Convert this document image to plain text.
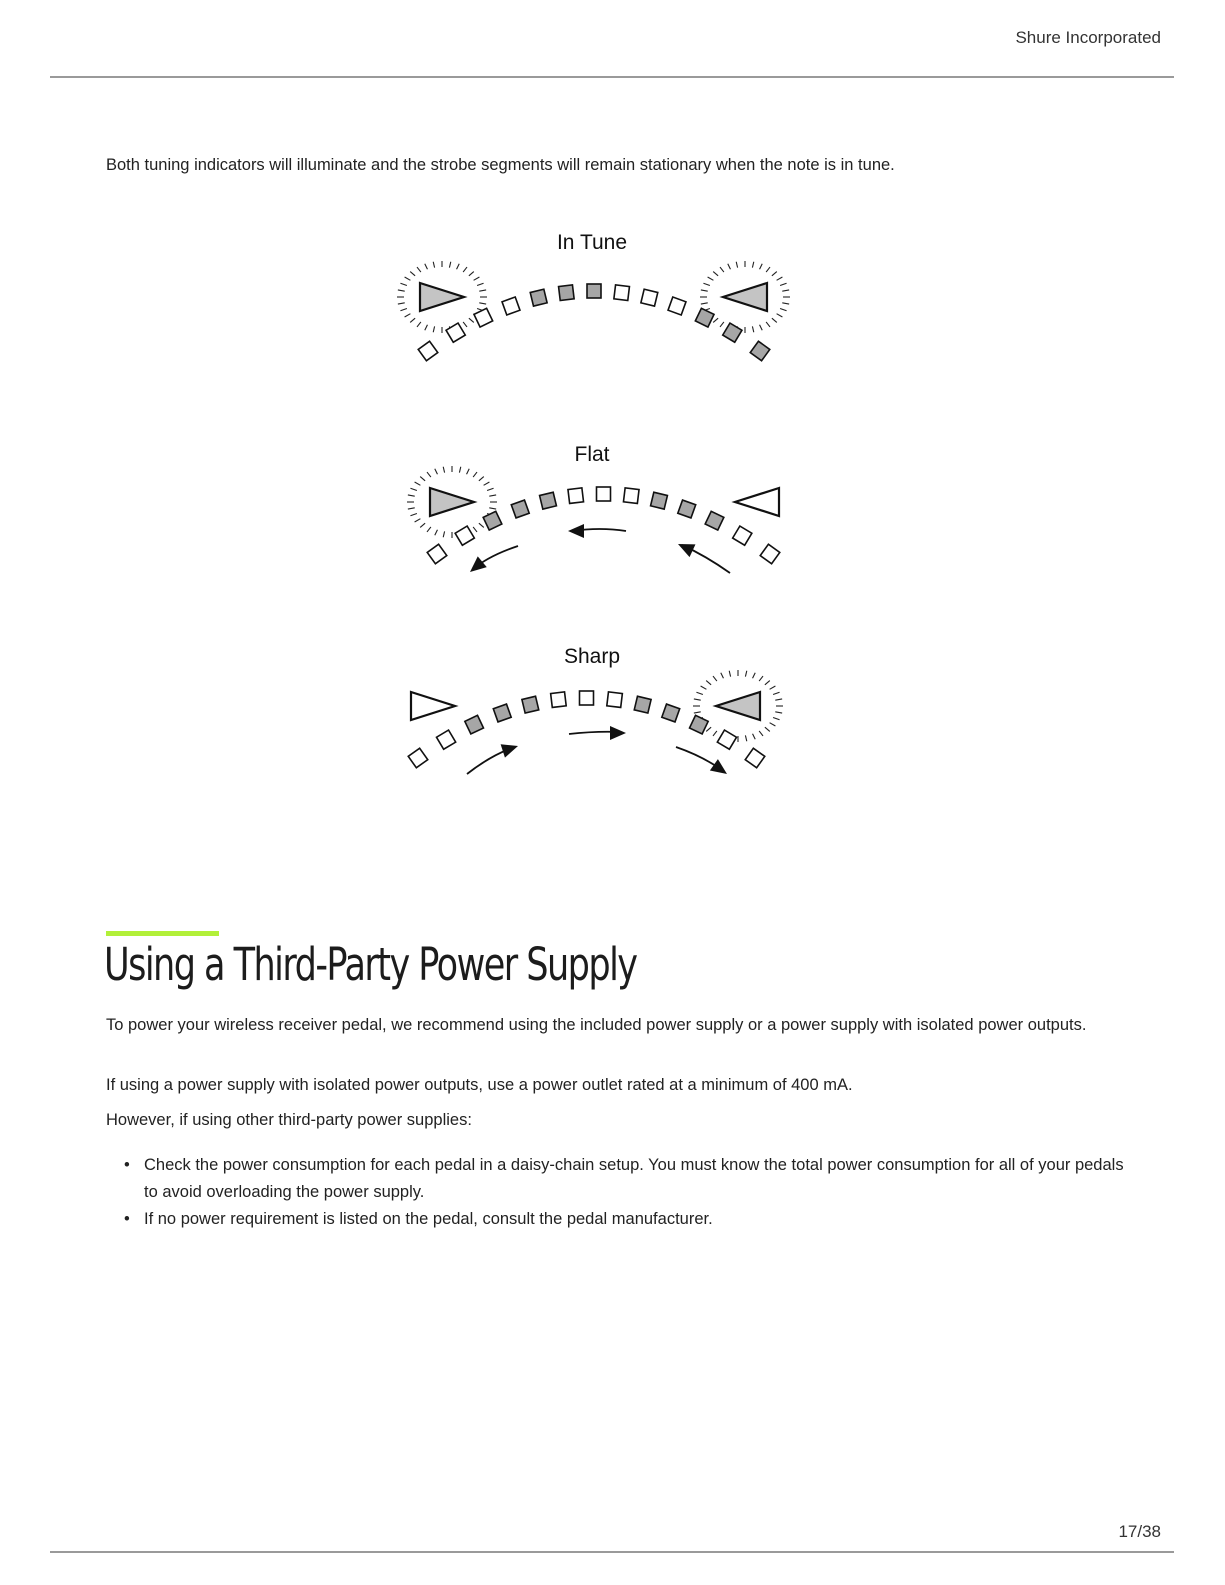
Shure Incorporated

Both tuning indicators will illuminate and the strobe segments will remain stationary when the note is in tune.

In Tune
Flat
Sharp
Using a Third-Party Power Supply

To power your wireless receiver pedal, we recommend using the included power supply or a power supply with isolated power outputs.

If using a power supply with isolated power outputs, use a power outlet rated at a minimum of 400 mA.

However, if using other third-party power supplies:

• Check the power consumption for each pedal in a daisy-chain setup. You must know the total power consumption for all of your pedals to avoid overloading the power supply.
• If no power requirement is listed on the pedal, consult the pedal manufacturer.
17/38
